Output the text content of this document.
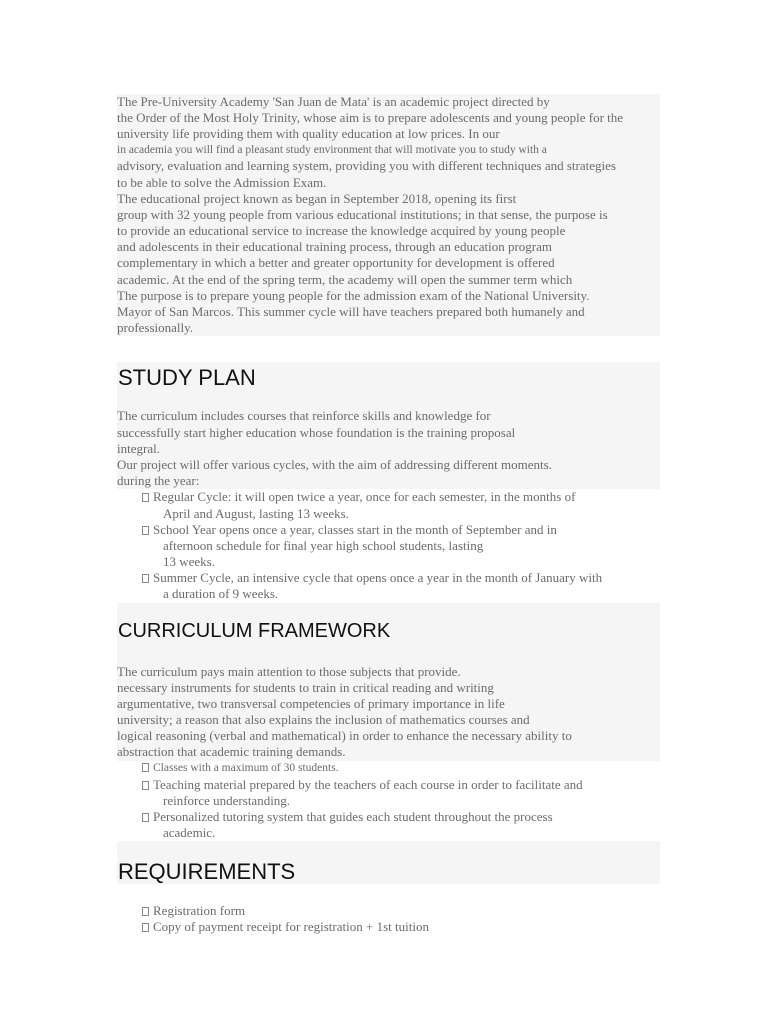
The Pre-University Academy 'San Juan de Mata' is an academic project directed by
the Order of the Most Holy Trinity, whose aim is to prepare adolescents and young people for the
university life providing them with quality education at low prices. In our
in academia you will find a pleasant study environment that will motivate you to study with a
advisory, evaluation and learning system, providing you with different techniques and strategies
to be able to solve the Admission Exam.
The educational project known as began in September 2018, opening its first
group with 32 young people from various educational institutions; in that sense, the purpose is
to provide an educational service to increase the knowledge acquired by young people
and adolescents in their educational training process, through an education program
complementary in which a better and greater opportunity for development is offered
academic. At the end of the spring term, the academy will open the summer term which
The purpose is to prepare young people for the admission exam of the National University.
Mayor of San Marcos. This summer cycle will have teachers prepared both humanely and
professionally.
STUDY PLAN
The curriculum includes courses that reinforce skills and knowledge for
successfully start higher education whose foundation is the training proposal
integral.
Our project will offer various cycles, with the aim of addressing different moments.
during the year:
Regular Cycle: it will open twice a year, once for each semester, in the months of
April and August, lasting 13 weeks.
School Year opens once a year, classes start in the month of September and in
afternoon schedule for final year high school students, lasting
13 weeks.
Summer Cycle, an intensive cycle that opens once a year in the month of January with
a duration of 9 weeks.
CURRICULUM FRAMEWORK
The curriculum pays main attention to those subjects that provide.
necessary instruments for students to train in critical reading and writing
argumentative, two transversal competencies of primary importance in life
university; a reason that also explains the inclusion of mathematics courses and
logical reasoning (verbal and mathematical) in order to enhance the necessary ability to
abstraction that academic training demands.
Classes with a maximum of 30 students.
Teaching material prepared by the teachers of each course in order to facilitate and
reinforce understanding.
Personalized tutoring system that guides each student throughout the process
academic.
REQUIREMENTS
Registration form
Copy of payment receipt for registration + 1st tuition
